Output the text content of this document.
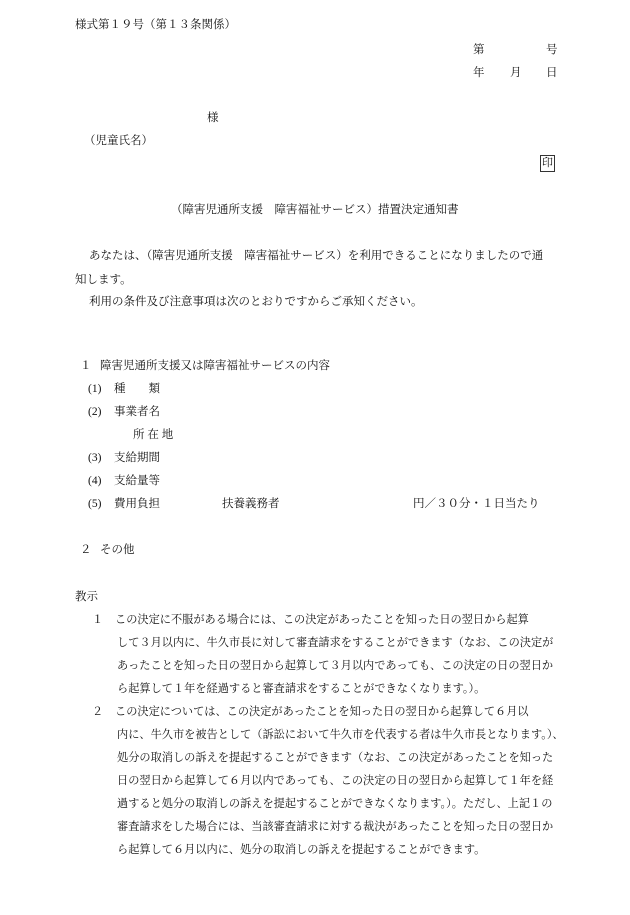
様式第１９号（第１３条関係）
第	号
年 月 日
様
（児童氏名）
印
（障害児通所支援　障害福祉サービス）措置決定通知書
あなたは、（障害児通所支援　障害福祉サービス）を利用できることになりましたので通
知します。
利用の条件及び注意事項は次のとおりですからご承知ください。
１ 障害児通所支援又は障害福祉サービスの内容
(1) 種　　類
(2) 事業者名
所 在 地
(3) 支給期間
(4) 支給量等
(5) 費用負担	扶養義務者	円／３０分・１日当たり
２ その他
教示
１ この決定に不服がある場合には、この決定があったことを知った日の翌日から起算
して３月以内に、牛久市長に対して審査請求をすることができます（なお、この決定が
あったことを知った日の翌日から起算して３月以内であっても、この決定の日の翌日か
ら起算して１年を経過すると審査請求をすることができなくなります。）。
２ この決定については、この決定があったことを知った日の翌日から起算して６月以
内に、牛久市を被告として（訴訟において牛久市を代表する者は牛久市長となります。）、
処分の取消しの訴えを提起することができます（なお、この決定があったことを知った
日の翌日から起算して６月以内であっても、この決定の日の翌日から起算して１年を経
過すると処分の取消しの訴えを提起することができなくなります。）。ただし、上記１の
審査請求をした場合には、当該審査請求に対する裁決があったことを知った日の翌日か
ら起算して６月以内に、処分の取消しの訴えを提起することができます。
